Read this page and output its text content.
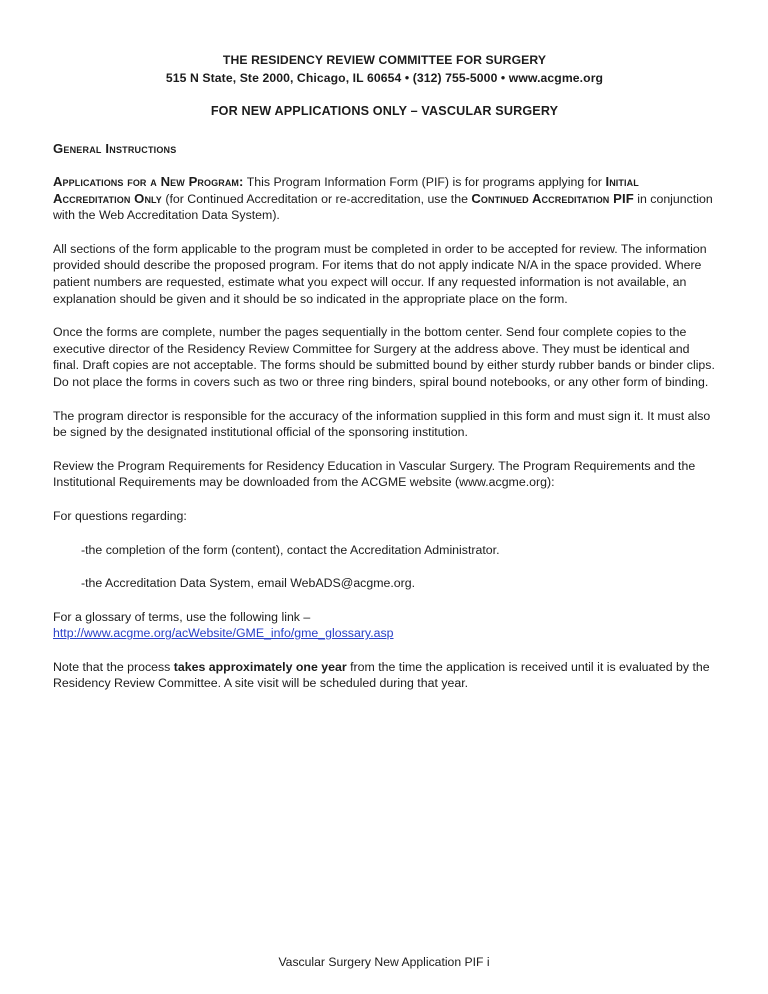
THE RESIDENCY REVIEW COMMITTEE FOR SURGERY
515 N State, Ste 2000, Chicago, IL 60654 • (312) 755-5000 • www.acgme.org
FOR NEW APPLICATIONS ONLY – VASCULAR SURGERY
General Instructions

Applications for a New Program: This Program Information Form (PIF) is for programs applying for Initial Accreditation Only (for Continued Accreditation or re-accreditation, use the Continued Accreditation PIF in conjunction with the Web Accreditation Data System).

All sections of the form applicable to the program must be completed in order to be accepted for review. The information provided should describe the proposed program. For items that do not apply indicate N/A in the space provided. Where patient numbers are requested, estimate what you expect will occur. If any requested information is not available, an explanation should be given and it should be so indicated in the appropriate place on the form.

Once the forms are complete, number the pages sequentially in the bottom center. Send four complete copies to the executive director of the Residency Review Committee for Surgery at the address above. They must be identical and final. Draft copies are not acceptable. The forms should be submitted bound by either sturdy rubber bands or binder clips. Do not place the forms in covers such as two or three ring binders, spiral bound notebooks, or any other form of binding.

The program director is responsible for the accuracy of the information supplied in this form and must sign it. It must also be signed by the designated institutional official of the sponsoring institution.

Review the Program Requirements for Residency Education in Vascular Surgery. The Program Requirements and the Institutional Requirements may be downloaded from the ACGME website (www.acgme.org):

For questions regarding:

-the completion of the form (content), contact the Accreditation Administrator.

-the Accreditation Data System, email WebADS@acgme.org.

For a glossary of terms, use the following link –
http://www.acgme.org/acWebsite/GME_info/gme_glossary.asp

Note that the process takes approximately one year from the time the application is received until it is evaluated by the Residency Review Committee. A site visit will be scheduled during that year.

Vascular Surgery New Application PIF i
